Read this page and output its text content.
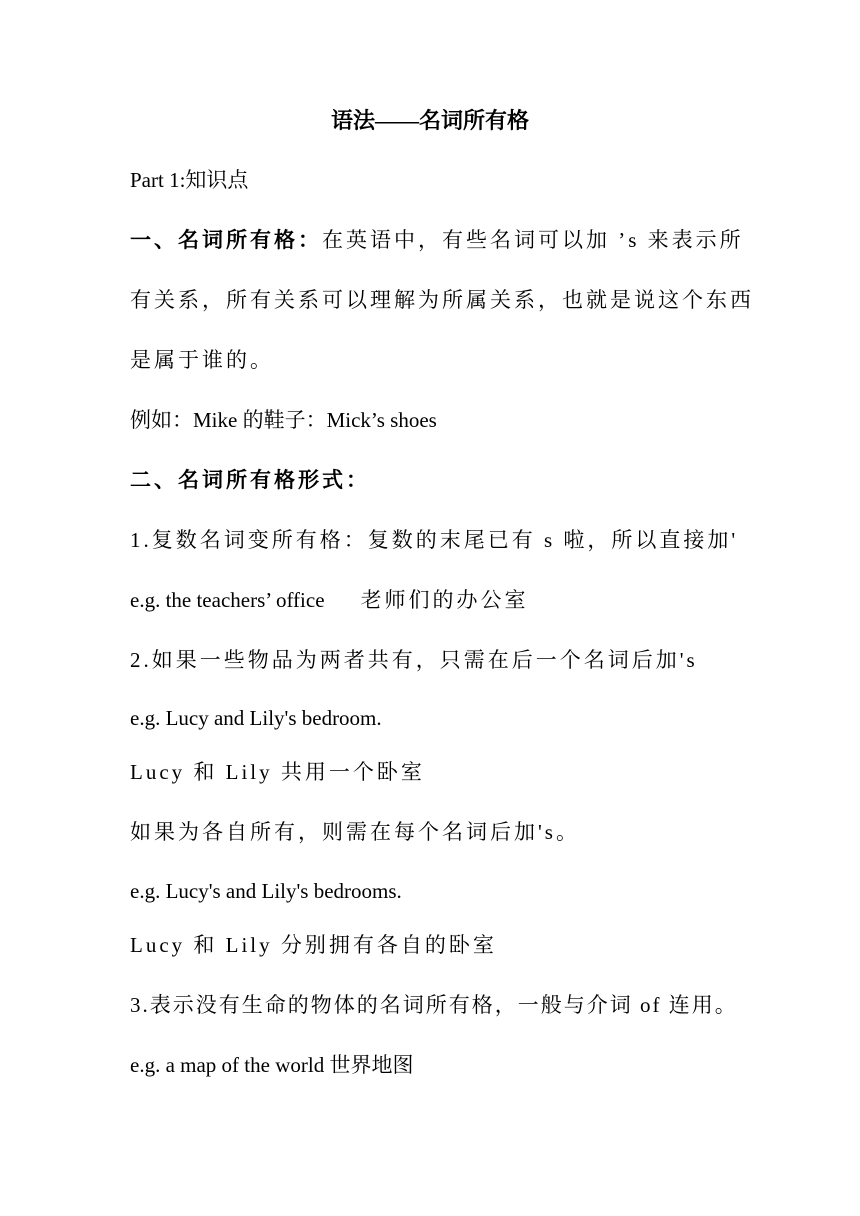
语法——名词所有格
Part 1:知识点
一、名词所有格：在英语中，有些名词可以加 ’s 来表示所
有关系，所有关系可以理解为所属关系，也就是说这个东西
是属于谁的。
例如：Mike 的鞋子：Mick’s shoes
二、名词所有格形式：
1.复数名词变所有格：复数的末尾已有 s 啦，所以直接加'
e.g. the teachers’ office 老师们的办公室
2.如果一些物品为两者共有，只需在后一个名词后加's
e.g. Lucy and Lily's bedroom.
Lucy 和 Lily 共用一个卧室
如果为各自所有，则需在每个名词后加's。
e.g. Lucy's and Lily's bedrooms.
Lucy 和 Lily 分别拥有各自的卧室
3.表示没有生命的物体的名词所有格，一般与介词 of 连用。
e.g. a map of the world 世界地图
